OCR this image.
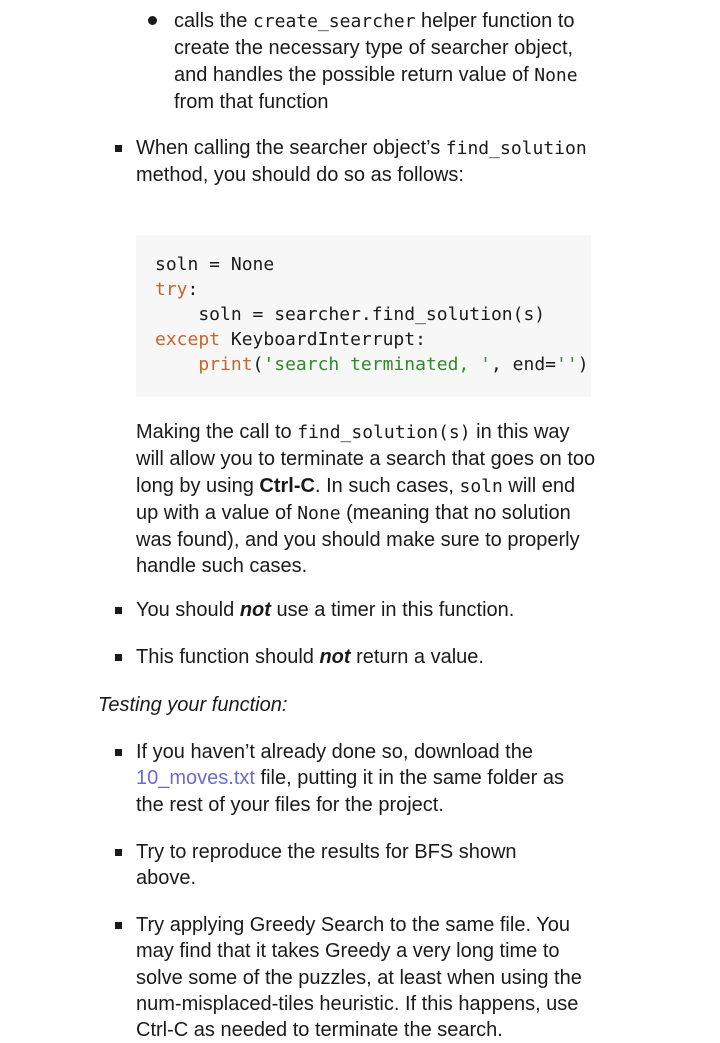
calls the create_searcher helper function to create the necessary type of searcher object, and handles the possible return value of None from that function

When calling the searcher object’s find_solution method, you should do so as follows:

soln = None
try:
soln = searcher.find_solution(s)
except KeyboardInterrupt:
print('search terminated, ', end='')

Making the call to find_solution(s) in this way will allow you to terminate a search that goes on too long by using Ctrl-C. In such cases, soln will end up with a value of None (meaning that no solution was found), and you should make sure to properly handle such cases.

You should not use a timer in this function.

This function should not return a value.

Testing your function:

If you haven’t already done so, download the 10_moves.txt file, putting it in the same folder as the rest of your files for the project.

Try to reproduce the results for BFS shown above.

Try applying Greedy Search to the same file. You may find that it takes Greedy a very long time to solve some of the puzzles, at least when using the num-misplaced-tiles heuristic. If this happens, use Ctrl-C as needed to terminate the search.
